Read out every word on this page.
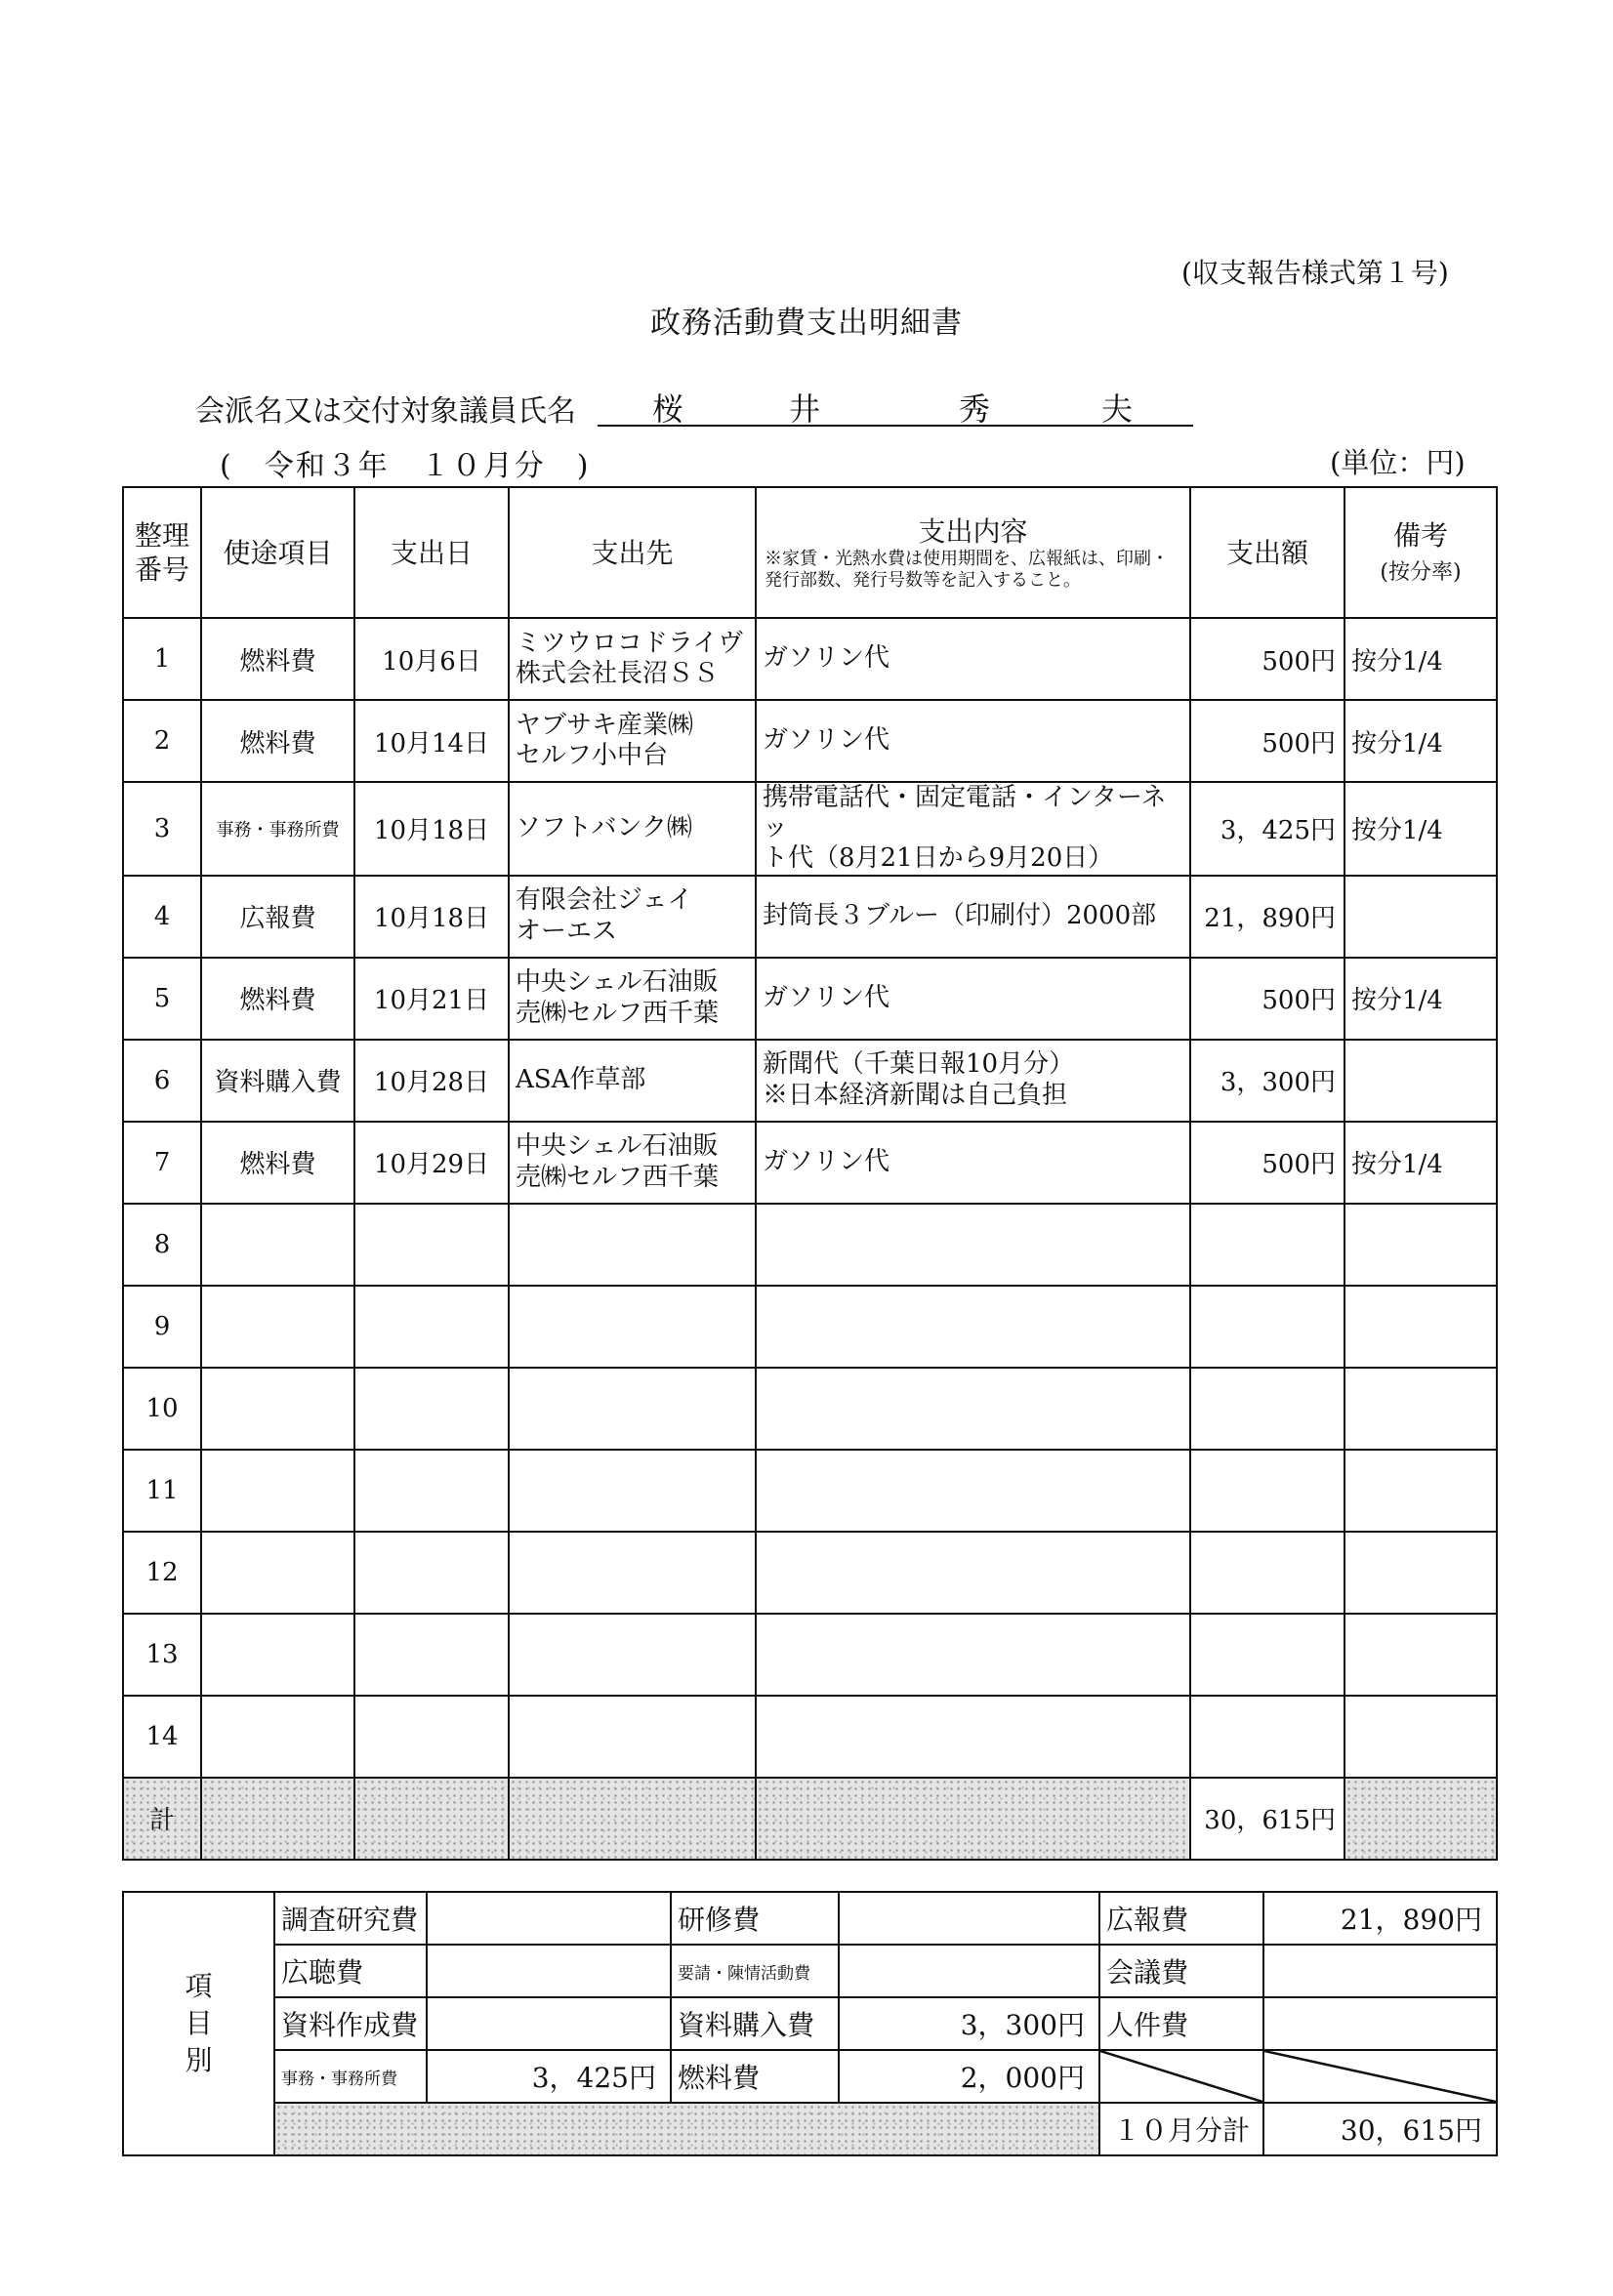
(収支報告様式第１号)
政務活動費支出明細書
会派名又は交付対象議員氏名 桜	井	秀	夫
(　令和３年　１０月分　)	(単位：円)
整理
番号	使途項目	支出日	支出先	支出内容
※家賃・光熱水費は使用期間を、広報紙は、印刷・発行部数、発行号数等を記入すること。	支出額	備考
(按分率)
1	燃料費	10月6日	ミツウロコドライヴ
株式会社長沼ＳＳ	ガソリン代	500円	按分1/4
2	燃料費	10月14日	ヤブサキ産業㈱
セルフ小中台	ガソリン代	500円	按分1/4
3	事務・事務所費	10月18日	ソフトバンク㈱	携帯電話代・固定電話・インターネッ
ト代（8月21日から9月20日）	3，425円	按分1/4
4	広報費	10月18日	有限会社ジェイ
オーエス	封筒長３ブルー（印刷付）2000部	21，890円	
5	燃料費	10月21日	中央シェル石油販
売㈱セルフ西千葉	ガソリン代	500円	按分1/4
6	資料購入費	10月28日	ASA作草部	新聞代（千葉日報10月分）
※日本経済新聞は自己負担	3，300円	
7	燃料費	10月29日	中央シェル石油販
売㈱セルフ西千葉	ガソリン代	500円	按分1/4
8			

9			

10			

11			

12			

13			

14			

計					30，615円	
項
目
別	調査研究費		研修費		広報費	21，890円
	広聴費		要請・陳情活動費		会議費	
	資料作成費		資料購入費	3，300円	人件費	
	事務・事務所費	3，425円	燃料費	2，000円		
					１０月分計	30，615円
